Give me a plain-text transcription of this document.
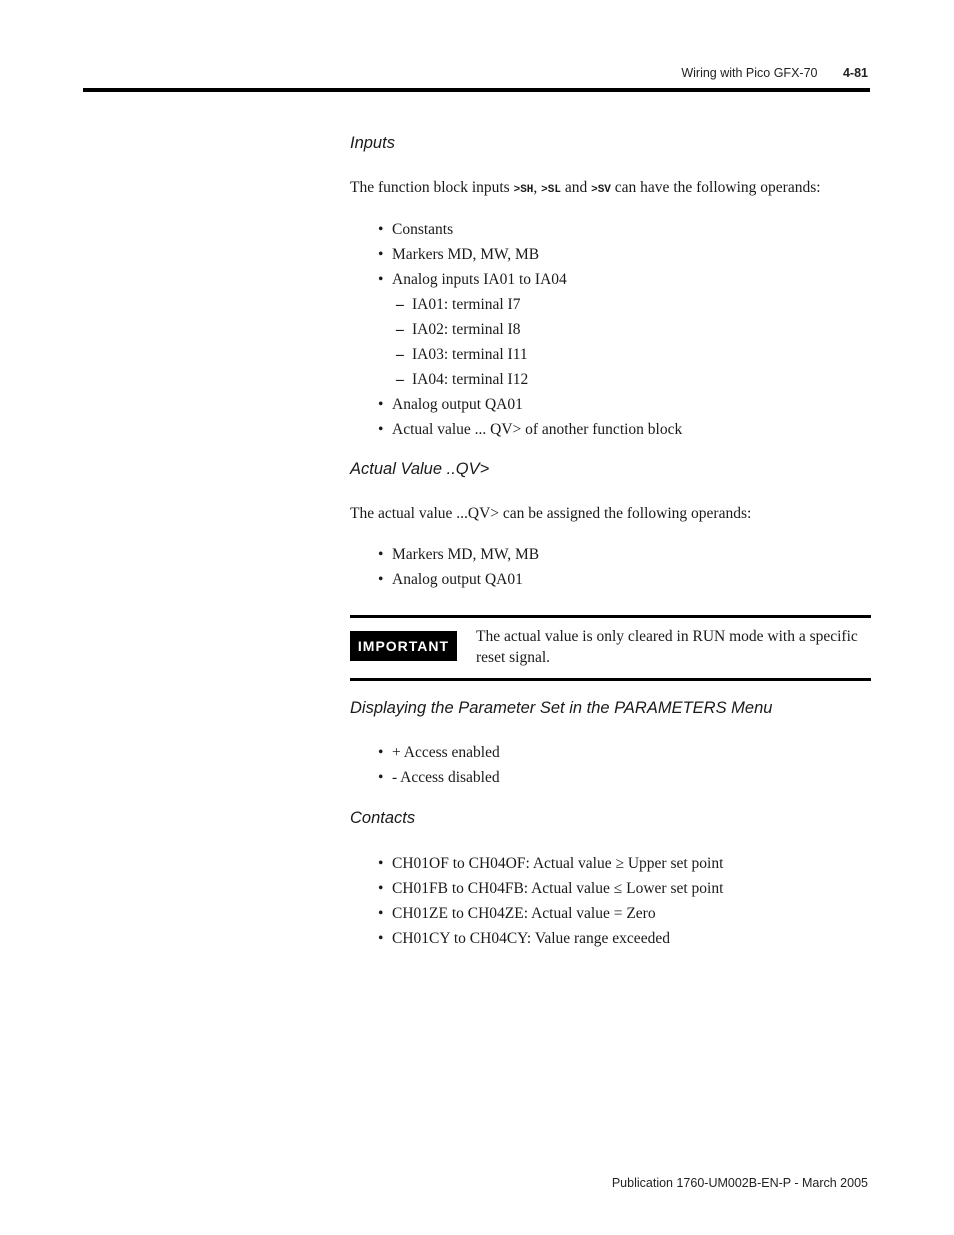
Wiring with Pico GFX-70 4-81
Inputs
The function block inputs >SH, >SL and >SV can have the following operands:
• Constants
• Markers MD, MW, MB
• Analog inputs IA01 to IA04
– IA01: terminal I7
– IA02: terminal I8
– IA03: terminal I11
– IA04: terminal I12
• Analog output QA01
• Actual value ... QV> of another function block
Actual Value ..QV>
The actual value ...QV> can be assigned the following operands:
• Markers MD, MW, MB
• Analog output QA01
IMPORTANT
The actual value is only cleared in RUN mode with a specific reset signal.
Displaying the Parameter Set in the PARAMETERS Menu
• + Access enabled
• - Access disabled
Contacts
• CH01OF to CH04OF: Actual value ≥ Upper set point
• CH01FB to CH04FB: Actual value ≤ Lower set point
• CH01ZE to CH04ZE: Actual value = Zero
• CH01CY to CH04CY: Value range exceeded
Publication 1760-UM002B-EN-P - March 2005
